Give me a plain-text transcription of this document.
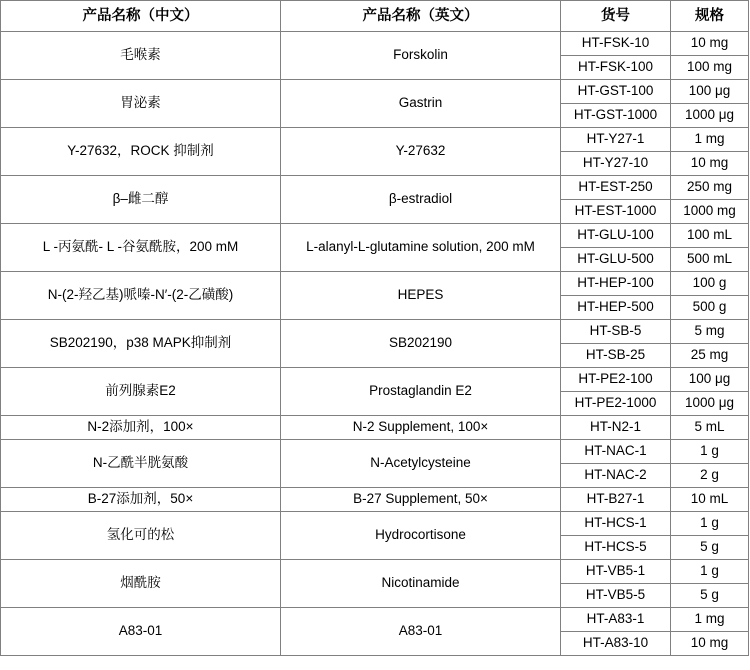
产品名称（中文）	产品名称（英文）	货号	规格
毛喉素	Forskolin	HT-FSK-10	10 mg
		HT-FSK-100	100 mg
胃泌素	Gastrin	HT-GST-100	100 μg
		HT-GST-1000	1000 μg
Y-27632，ROCK 抑制剂	Y-27632	HT-Y27-1	1 mg
		HT-Y27-10	10 mg
β–雌二醇	β-estradiol	HT-EST-250	250 mg
		HT-EST-1000	1000 mg
L -丙氨酰- L -谷氨酰胺，200 mM	L-alanyl-L-glutamine solution, 200 mM	HT-GLU-100	100 mL
		HT-GLU-500	500 mL
N-(2-羟乙基)哌嗪-N′-(2-乙磺酸)	HEPES	HT-HEP-100	100 g
		HT-HEP-500	500 g
SB202190，p38 MAPK抑制剂	SB202190	HT-SB-5	5 mg
		HT-SB-25	25 mg
前列腺素E2	Prostaglandin E2	HT-PE2-100	100 μg
		HT-PE2-1000	1000 μg
N-2添加剂，100×	N-2 Supplement, 100×	HT-N2-1	5 mL
N-乙酰半胱氨酸	N-Acetylcysteine	HT-NAC-1	1 g
		HT-NAC-2	2 g
B-27添加剂，50×	B-27 Supplement, 50×	HT-B27-1	10 mL
氢化可的松	Hydrocortisone	HT-HCS-1	1 g
		HT-HCS-5	5 g
烟酰胺	Nicotinamide	HT-VB5-1	1 g
		HT-VB5-5	5 g
A83-01	A83-01	HT-A83-1	1 mg
		HT-A83-10	10 mg
